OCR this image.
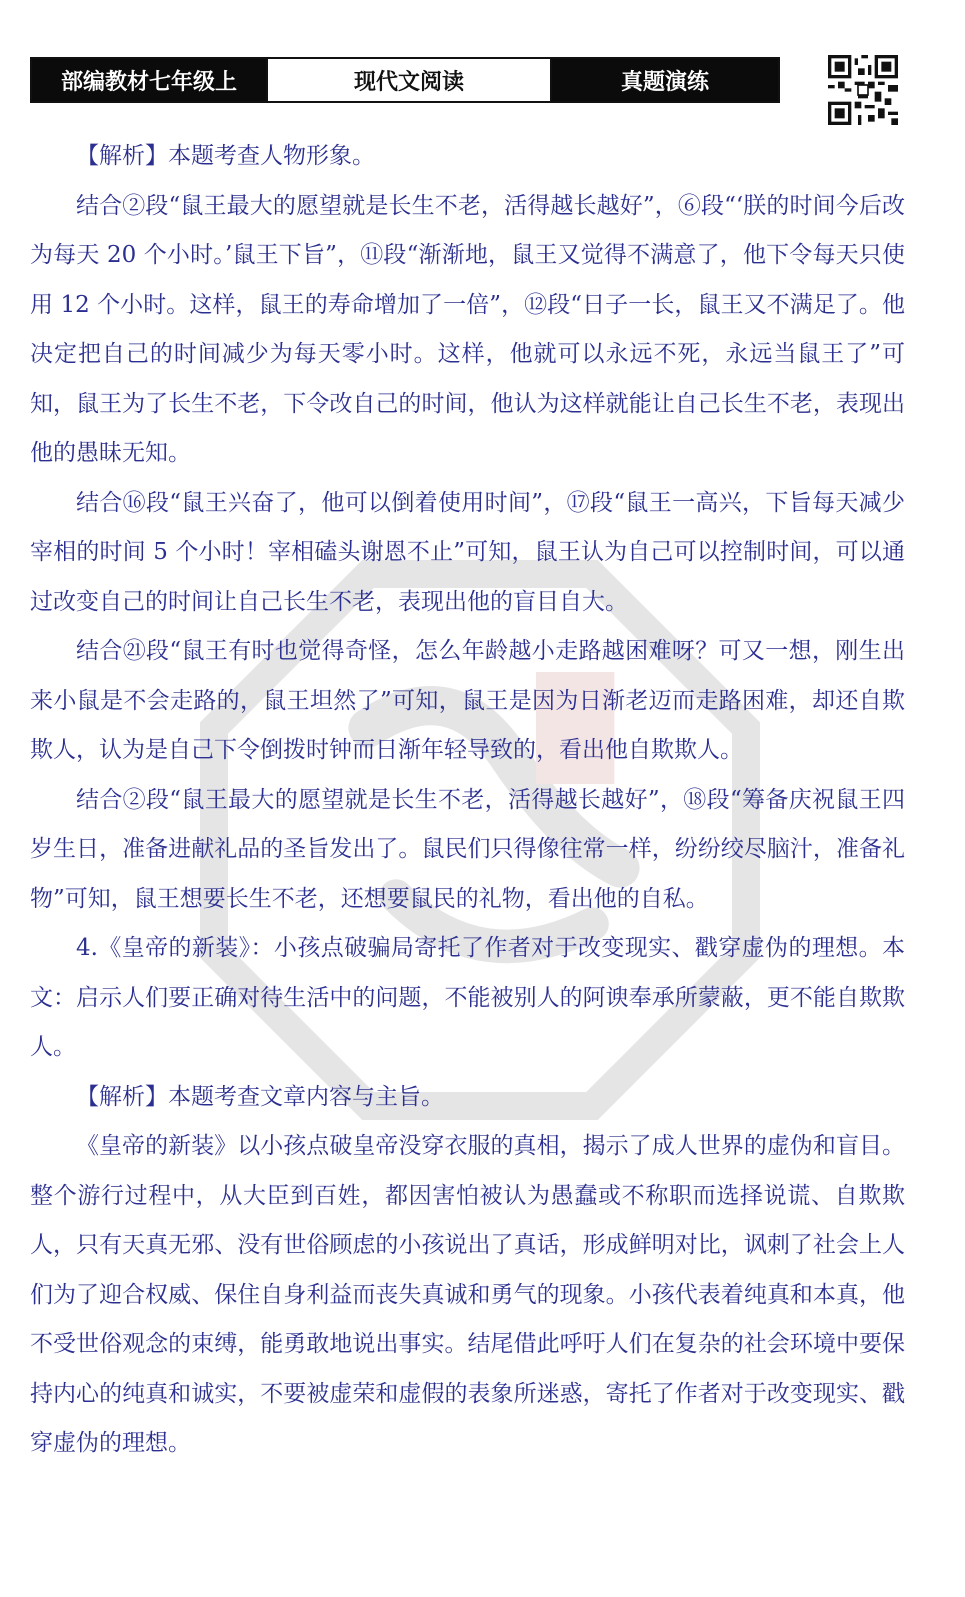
部编教材七年级上	现代文阅读	真题演练

【解析】本题考查人物形象。

结合②段“鼠王最大的愿望就是长生不老，活得越长越好”，⑥段“‘朕的时间今后改为每天 20 个小时。’鼠王下旨”，⑪段“渐渐地，鼠王又觉得不满意了，他下令每天只使用 12 个小时。这样，鼠王的寿命增加了一倍”，⑫段“日子一长，鼠王又不满足了。他决定把自己的时间减少为每天零小时。这样，他就可以永远不死，永远当鼠王了”可知，鼠王为了长生不老，下令改自己的时间，他认为这样就能让自己长生不老，表现出他的愚昧无知。

结合⑯段“鼠王兴奋了，他可以倒着使用时间”，⑰段“鼠王一高兴，下旨每天减少宰相的时间 5 个小时！宰相磕头谢恩不止”可知，鼠王认为自己可以控制时间，可以通过改变自己的时间让自己长生不老，表现出他的盲目自大。

结合㉑段“鼠王有时也觉得奇怪，怎么年龄越小走路越困难呀？可又一想，刚生出来小鼠是不会走路的，鼠王坦然了”可知，鼠王是因为日渐老迈而走路困难，却还自欺欺人，认为是自己下令倒拨时钟而日渐年轻导致的，看出他自欺欺人。

结合②段“鼠王最大的愿望就是长生不老，活得越长越好”，⑱段“筹备庆祝鼠王四岁生日，准备进献礼品的圣旨发出了。鼠民们只得像往常一样，纷纷绞尽脑汁，准备礼物”可知，鼠王想要长生不老，还想要鼠民的礼物，看出他的自私。

4.《皇帝的新装》：小孩点破骗局寄托了作者对于改变现实、戳穿虚伪的理想。本文：启示人们要正确对待生活中的问题，不能被别人的阿谀奉承所蒙蔽，更不能自欺欺人。

【解析】本题考查文章内容与主旨。

《皇帝的新装》以小孩点破皇帝没穿衣服的真相，揭示了成人世界的虚伪和盲目。整个游行过程中，从大臣到百姓，都因害怕被认为愚蠢或不称职而选择说谎、自欺欺人，只有天真无邪、没有世俗顾虑的小孩说出了真话，形成鲜明对比，讽刺了社会上人们为了迎合权威、保住自身利益而丧失真诚和勇气的现象。小孩代表着纯真和本真，他不受世俗观念的束缚，能勇敢地说出事实。结尾借此呼吁人们在复杂的社会环境中要保持内心的纯真和诚实，不要被虚荣和虚假的表象所迷惑，寄托了作者对于改变现实、戳穿虚伪的理想。
